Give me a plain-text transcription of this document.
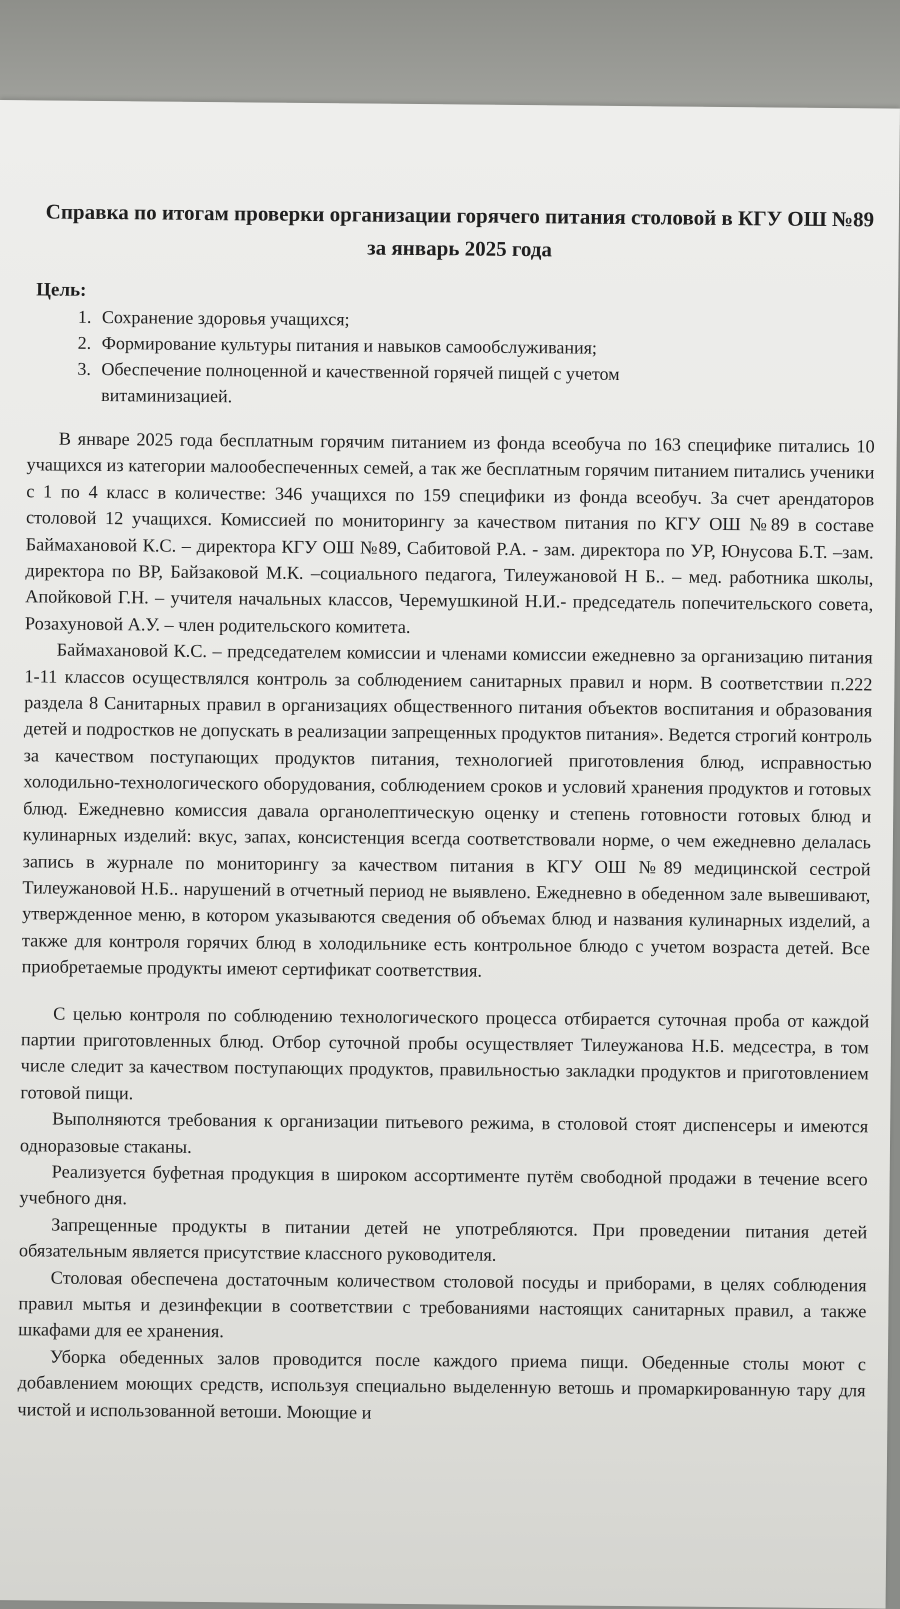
Справка по итогам проверки организации горячего питания столовой в КГУ ОШ №89 за январь 2025 года
Цель:
1. Сохранение здоровья учащихся;
2. Формирование культуры питания и навыков самообслуживания;
3. Обеспечение полноценной и качественной горячей пищей с учетом витаминизацией.

В январе 2025 года бесплатным горячим питанием из фонда всеобуча по 163 специфике питались 10 учащихся из категории малообеспеченных семей, а так же бесплатным горячим питанием питались ученики с 1 по 4 класс в количестве: 346 учащихся по 159 специфики из фонда всеобуч. За счет арендаторов столовой 12 учащихся. Комиссией по мониторингу за качеством питания по КГУ ОШ №89 в составе Баймахановой К.С. – директора КГУ ОШ №89, Сабитовой Р.А. - зам. директора по УР, Юнусова Б.Т. –зам. директора по ВР, Байзаковой М.К. –социального педагога, Тилеужановой Н Б.. – мед. работника школы, Апойковой Г.Н. – учителя начальных классов, Черемушкиной Н.И.- председатель попечительского совета, Розахуновой А.У. – член родительского комитета.

Баймахановой К.С. – председателем комиссии и членами комиссии ежедневно за организацию питания 1-11 классов осуществлялся контроль за соблюдением санитарных правил и норм. В соответствии п.222 раздела 8 Санитарных правил в организациях общественного питания объектов воспитания и образования детей и подростков не допускать в реализации запрещенных продуктов питания». Ведется строгий контроль за качеством поступающих продуктов питания, технологией приготовления блюд, исправностью холодильно-технологического оборудования, соблюдением сроков и условий хранения продуктов и готовых блюд. Ежедневно комиссия давала органолептическую оценку и степень готовности готовых блюд и кулинарных изделий: вкус, запах, консистенция всегда соответствовали норме, о чем ежедневно делалась запись в журнале по мониторингу за качеством питания в КГУ ОШ №89 медицинской сестрой Тилеужановой Н.Б.. нарушений в отчетный период не выявлено. Ежедневно в обеденном зале вывешивают, утвержденное меню, в котором указываются сведения об объемах блюд и названия кулинарных изделий, а также для контроля горячих блюд в холодильнике есть контрольное блюдо с учетом возраста детей. Все приобретаемые продукты имеют сертификат соответствия.

С целью контроля по соблюдению технологического процесса отбирается суточная проба от каждой партии приготовленных блюд. Отбор суточной пробы осуществляет Тилеужанова Н.Б. медсестра, в том числе следит за качеством поступающих продуктов, правильностью закладки продуктов и приготовлением готовой пищи.

Выполняются требования к организации питьевого режима, в столовой стоят диспенсеры и имеются одноразовые стаканы.

Реализуется буфетная продукция в широком ассортименте путём свободной продажи в течение всего учебного дня.

Запрещенные продукты в питании детей не употребляются. При проведении питания детей обязательным является присутствие классного руководителя.

Столовая обеспечена достаточным количеством столовой посуды и приборами, в целях соблюдения правил мытья и дезинфекции в соответствии с требованиями настоящих санитарных правил, а также шкафами для ее хранения.

Уборка обеденных залов проводится после каждого приема пищи. Обеденные столы моют с добавлением моющих средств, используя специально выделенную ветошь и промаркированную тару для чистой и использованной ветоши. Моющие и
